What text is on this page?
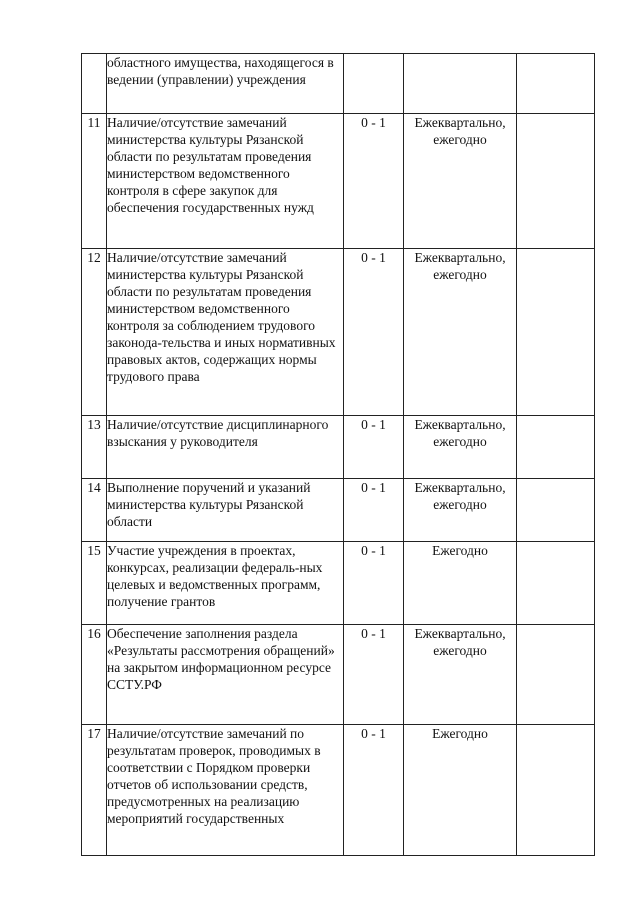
	областного имущества, находящегося в ведении (управлении) учреждения			
11	Наличие/отсутствие замечаний министерства культуры Рязанской области по результатам проведения министерством ведомственного контроля в сфере закупок для обеспечения государственных нужд	0 - 1	Ежеквартально, ежегодно	
12	Наличие/отсутствие замечаний министерства культуры Рязанской области по результатам проведения министерством ведомственного контроля за соблюдением трудового законода-тельства и иных нормативных правовых актов, содержащих нормы трудового права	0 - 1	Ежеквартально, ежегодно	
13	Наличие/отсутствие дисциплинарного взыскания у руководителя	0 - 1	Ежеквартально, ежегодно	
14	Выполнение поручений и указаний министерства культуры Рязанской области	0 - 1	Ежеквартально, ежегодно	
15	Участие учреждения в проектах, конкурсах, реализации федераль-ных целевых и ведомственных программ, получение грантов	0 - 1	Ежегодно	
16	Обеспечение заполнения раздела «Результаты рассмотрения обращений» на закрытом информационном ресурсе ССТУ.РФ	0 - 1	Ежеквартально, ежегодно	
17	Наличие/отсутствие замечаний по результатам проверок, проводимых в соответствии с Порядком проверки отчетов об использовании средств, предусмотренных на реализацию мероприятий государственных	0 - 1	Ежегодно	
